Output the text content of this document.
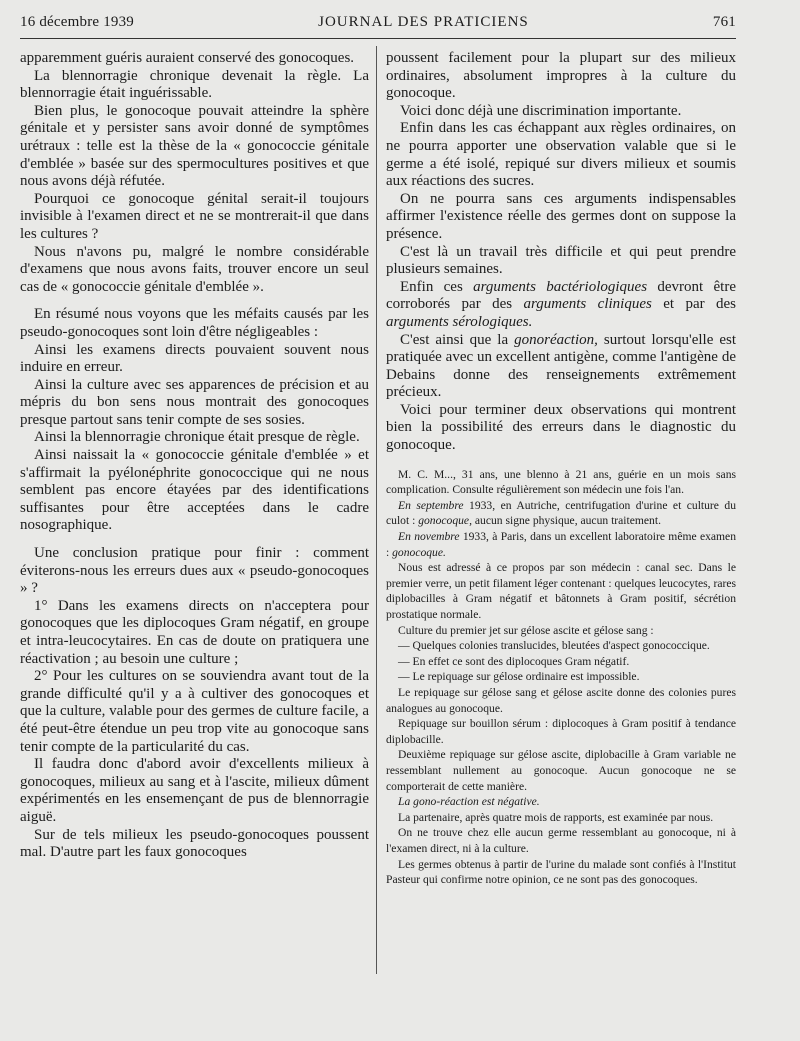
16 décembre 1939	JOURNAL DES PRATICIENS	761

apparemment guéris auraient conservé des gonocoques.

La blennorragie chronique devenait la règle. La blennorragie était inguérissable.

Bien plus, le gonocoque pouvait atteindre la sphère génitale et y persister sans avoir donné de symptômes urétraux : telle est la thèse de la « gonococcie génitale d'emblée » basée sur des spermocultures positives et que nous avons déjà réfutée.

Pourquoi ce gonocoque génital serait-il toujours invisible à l'examen direct et ne se montrerait-il que dans les cultures ?

Nous n'avons pu, malgré le nombre considérable d'examens que nous avons faits, trouver encore un seul cas de « gonococcie génitale d'emblée ».

En résumé nous voyons que les méfaits causés par les pseudo-gonocoques sont loin d'être négligeables :

Ainsi les examens directs pouvaient souvent nous induire en erreur.

Ainsi la culture avec ses apparences de précision et au mépris du bon sens nous montrait des gonocoques presque partout sans tenir compte de ses sosies.

Ainsi la blennorragie chronique était presque de règle.

Ainsi naissait la « gonococcie génitale d'emblée » et s'affirmait la pyélonéphrite gonococcique qui ne nous semblent pas encore étayées par des identifications suffisantes pour être acceptées dans le cadre nosographique.

Une conclusion pratique pour finir : comment éviterons-nous les erreurs dues aux « pseudo-gonocoques » ?

1° Dans les examens directs on n'acceptera pour gonocoques que les diplocoques Gram négatif, en groupe et intra-leucocytaires. En cas de doute on pratiquera une réactivation ; au besoin une culture ;

2° Pour les cultures on se souviendra avant tout de la grande difficulté qu'il y a à cultiver des gonocoques et que la culture, valable pour des germes de culture facile, a été peut-être étendue un peu trop vite au gonocoque sans tenir compte de la particularité du cas.

Il faudra donc d'abord avoir d'excellents milieux à gonocoques, milieux au sang et à l'ascite, milieux dûment expérimentés en les ensemençant de pus de blennorragie aiguë.

Sur de tels milieux les pseudo-gonocoques poussent mal. D'autre part les faux gonocoques

poussent facilement pour la plupart sur des milieux ordinaires, absolument impropres à la culture du gonocoque.

Voici donc déjà une discrimination importante.

Enfin dans les cas échappant aux règles ordinaires, on ne pourra apporter une observation valable que si le germe a été isolé, repiqué sur divers milieux et soumis aux réactions des sucres.

On ne pourra sans ces arguments indispensables affirmer l'existence réelle des germes dont on suppose la présence.

C'est là un travail très difficile et qui peut prendre plusieurs semaines.

Enfin ces arguments bactériologiques devront être corroborés par des arguments cliniques et par des arguments sérologiques.

C'est ainsi que la gonoréaction, surtout lorsqu'elle est pratiquée avec un excellent antigène, comme l'antigène de Debains donne des renseignements extrêmement précieux.

Voici pour terminer deux observations qui montrent bien la possibilité des erreurs dans le diagnostic du gonocoque.

M. C. M..., 31 ans, une blenno à 21 ans, guérie en un mois sans complication. Consulte régulièrement son médecin une fois l'an.

En septembre 1933, en Autriche, centrifugation d'urine et culture du culot : gonocoque, aucun signe physique, aucun traitement.

En novembre 1933, à Paris, dans un excellent laboratoire même examen : gonocoque.

Nous est adressé à ce propos par son médecin : canal sec. Dans le premier verre, un petit filament léger contenant : quelques leucocytes, rares diplobacilles à Gram négatif et bâtonnets à Gram positif, sécrétion prostatique normale.

Culture du premier jet sur gélose ascite et gélose sang :

— Quelques colonies translucides, bleutées d'aspect gonococcique.

— En effet ce sont des diplocoques Gram négatif.

— Le repiquage sur gélose ordinaire est impossible.

Le repiquage sur gélose sang et gélose ascite donne des colonies pures analogues au gonocoque.

Repiquage sur bouillon sérum : diplocoques à Gram positif à tendance diplobacille.

Deuxième repiquage sur gélose ascite, diplobacille à Gram variable ne ressemblant nullement au gonocoque. Aucun gonocoque ne se comporterait de cette manière.

La gono-réaction est négative.

La partenaire, après quatre mois de rapports, est examinée par nous.

On ne trouve chez elle aucun germe ressemblant au gonocoque, ni à l'examen direct, ni à la culture.

Les germes obtenus à partir de l'urine du malade sont confiés à l'Institut Pasteur qui confirme notre opinion, ce ne sont pas des gonocoques.
